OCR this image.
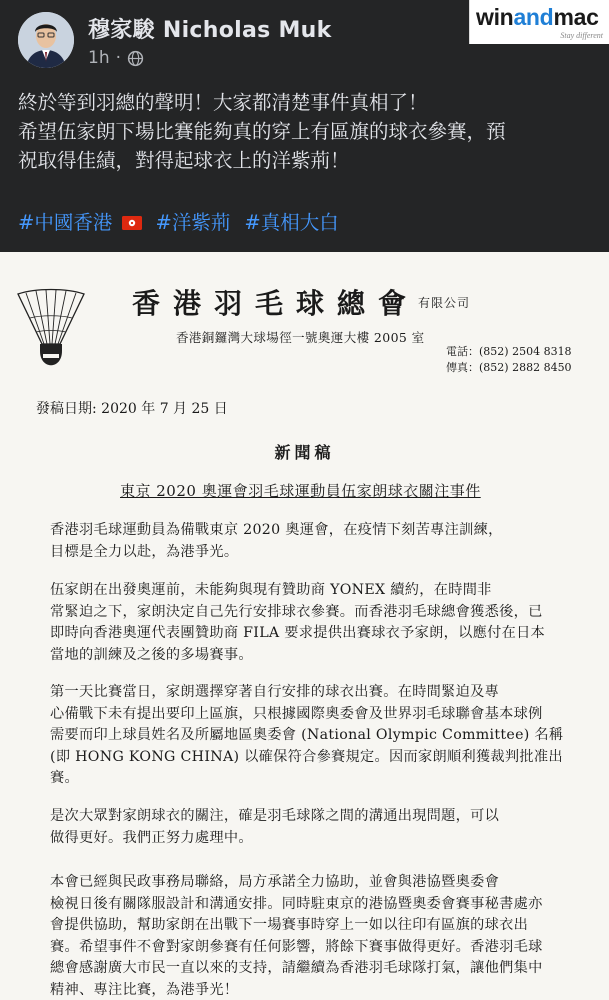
穆家駿 Nicholas Muk
1h ·
終於等到羽總的聲明！大家都清楚事件真相了！
希望伍家朗下場比賽能夠真的穿上有區旗的球衣參賽，預
祝取得佳績，對得起球衣上的洋紫荊！
#中國香港	#洋紫荊 #真相大白
winandmac
Stay different
香港羽毛球總會
有限公司
香港銅鑼灣大球場徑一號奧運大樓 2005 室
電話：(852) 2504 8318
傳真：(852) 2882 8450
發稿日期: 2020 年 7 月 25 日
新聞稿
東京 2020 奧運會羽毛球運動員伍家朗球衣關注事件
香港羽毛球運動員為備戰東京 2020 奧運會，在疫情下刻苦專注訓練，
目標是全力以赴，為港爭光。
伍家朗在出發奧運前，未能夠與現有贊助商 YONEX 續約，在時間非
常緊迫之下，家朗決定自己先行安排球衣參賽。而香港羽毛球總會獲悉後，已
即時向香港奧運代表團贊助商 FILA 要求提供出賽球衣予家朗，以應付在日本
當地的訓練及之後的多場賽事。
第一天比賽當日，家朗選擇穿著自行安排的球衣出賽。在時間緊迫及專
心備戰下未有提出要印上區旗，只根據國際奧委會及世界羽毛球聯會基本球例
需要而印上球員姓名及所屬地區奧委會 (National Olympic Committee) 名稱
(即 HONG KONG CHINA) 以確保符合參賽規定。因而家朗順利獲裁判批准出
賽。
是次大眾對家朗球衣的關注，確是羽毛球隊之間的溝通出現問題，可以
做得更好。我們正努力處理中。
本會已經與民政事務局聯絡，局方承諾全力協助，並會與港協暨奧委會
檢視日後有關隊服設計和溝通安排。同時駐東京的港協暨奧委會賽事秘書處亦
會提供協助，幫助家朗在出戰下一場賽事時穿上一如以往印有區旗的球衣出
賽。希望事件不會對家朗參賽有任何影響，將餘下賽事做得更好。香港羽毛球
總會感謝廣大市民一直以來的支持，請繼續為香港羽毛球隊打氣，讓他們集中
精神、專注比賽，為港爭光！
